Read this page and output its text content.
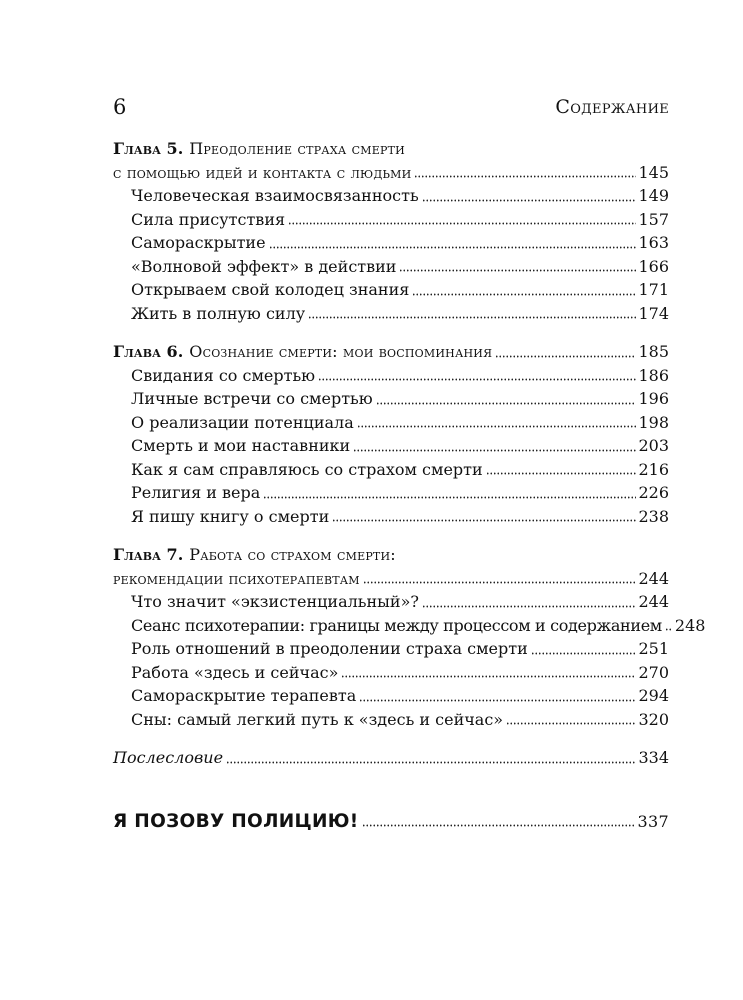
6	Содержание
Глава 5. Преодоление страха смерти
с помощью идей и контакта с людьми	145
Человеческая взаимосвязанность	149
Сила присутствия	157
Самораскрытие	163
«Волновой эффект» в действии	166
Открываем свой колодец знания	171
Жить в полную силу	174
Глава 6. Осознание смерти: мои воспоминания	185
Свидания со смертью	186
Личные встречи со смертью	196
О реализации потенциала	198
Смерть и мои наставники	203
Как я сам справляюсь со страхом смерти	216
Религия и вера	226
Я пишу книгу о смерти	238
Глава 7. Работа со страхом смерти:
рекомендации психотерапевтам	244
Что значит «экзистенциальный»?	244
Сеанс психотерапии: границы между процессом и содержанием 248
Роль отношений в преодолении страха смерти	251
Работа «здесь и сейчас»	270
Самораскрытие терапевта	294
Сны: самый легкий путь к «здесь и сейчас»	320
Послесловие	334
Я ПОЗОВУ ПОЛИЦИЮ!	337
